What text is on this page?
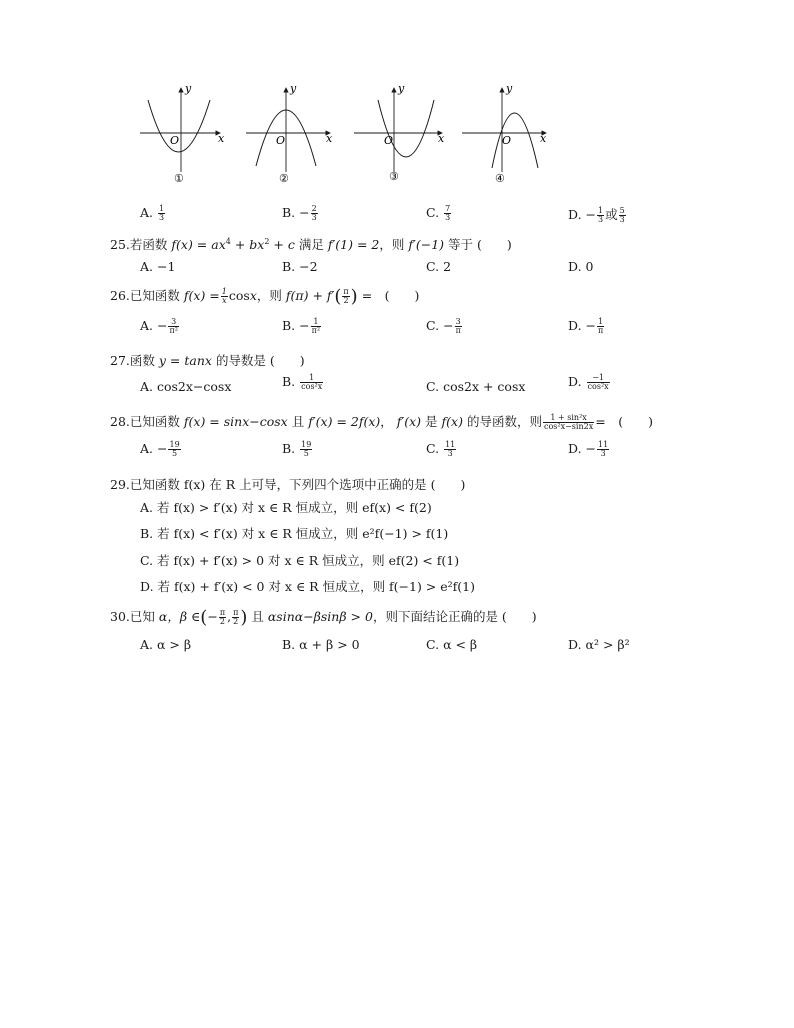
y
x
O
①
y
x
O
②
y
x
O
③
y
x
O
④
A. $\frac{1}{3}$	B. − $\frac{2}{3}$	C. $\frac{7}{3}$	D. − $\frac{1}{3}$ 或 $\frac{5}{3}$
25.若函数 $f(x) = ax^4 + bx^2 + c$ 满足 f′(1) = 2，则 f′(−1) 等于 (　　)
A. −1	B. −2	C. 2	D. 0
26.已知函数 $f(x) = \frac{1}{x}$ cosx，则 $f(\pi) + f'( \frac{\pi}{2}$ ) =　(　　)
A. − $\frac{3}{\text{π²}}$	B. − $\frac{1}{\text{π²}}$	C. − $\frac{3}{\pi}$	D. − $\frac{1}{\pi}$
27.函数 y = tanx 的导数是 (　　)
A. cos2x−cosx	B. $\frac{1}{\text{cos²x}}$	C. cos2x + cosx	D. $\frac{-1}{\text{cos²x}}$
28.已知函数 f(x) = sinx−cosx 且 f′(x) = 2f(x)， f′(x) 是 f(x) 的导函数，则 $\frac{\text{1 + sin²x}}{\text{cos²x−sin2x}}$ =　(　　)
A. − $\frac{19}{5}$	B. $\frac{19}{5}$	C. $\frac{11}{3}$	D. − $\frac{11}{3}$
29.已知函数 f(x) 在 R 上可导，下列四个选项中正确的是 (　　)
A. 若 f(x) > f′(x) 对 x ∈ R 恒成立，则 ef(x) < f(2)
B. 若 f(x) < f′(x) 对 x ∈ R 恒成立，则 e²f(−1) > f(1)
C. 若 f(x) + f′(x) > 0 对 x ∈ R 恒成立，则 ef(2) < f(1)
D. 若 f(x) + f′(x) < 0 对 x ∈ R 恒成立，则 f(−1) > e²f(1)
30.已知 α，β ∈(− $\frac{\pi}{2}$ , $\frac{\pi}{2}$ ) 且 αsinα−βsinβ > 0，则下面结论正确的是 (　　)
A. α > β	B. α + β > 0	C. α < β	D. α² > β²
